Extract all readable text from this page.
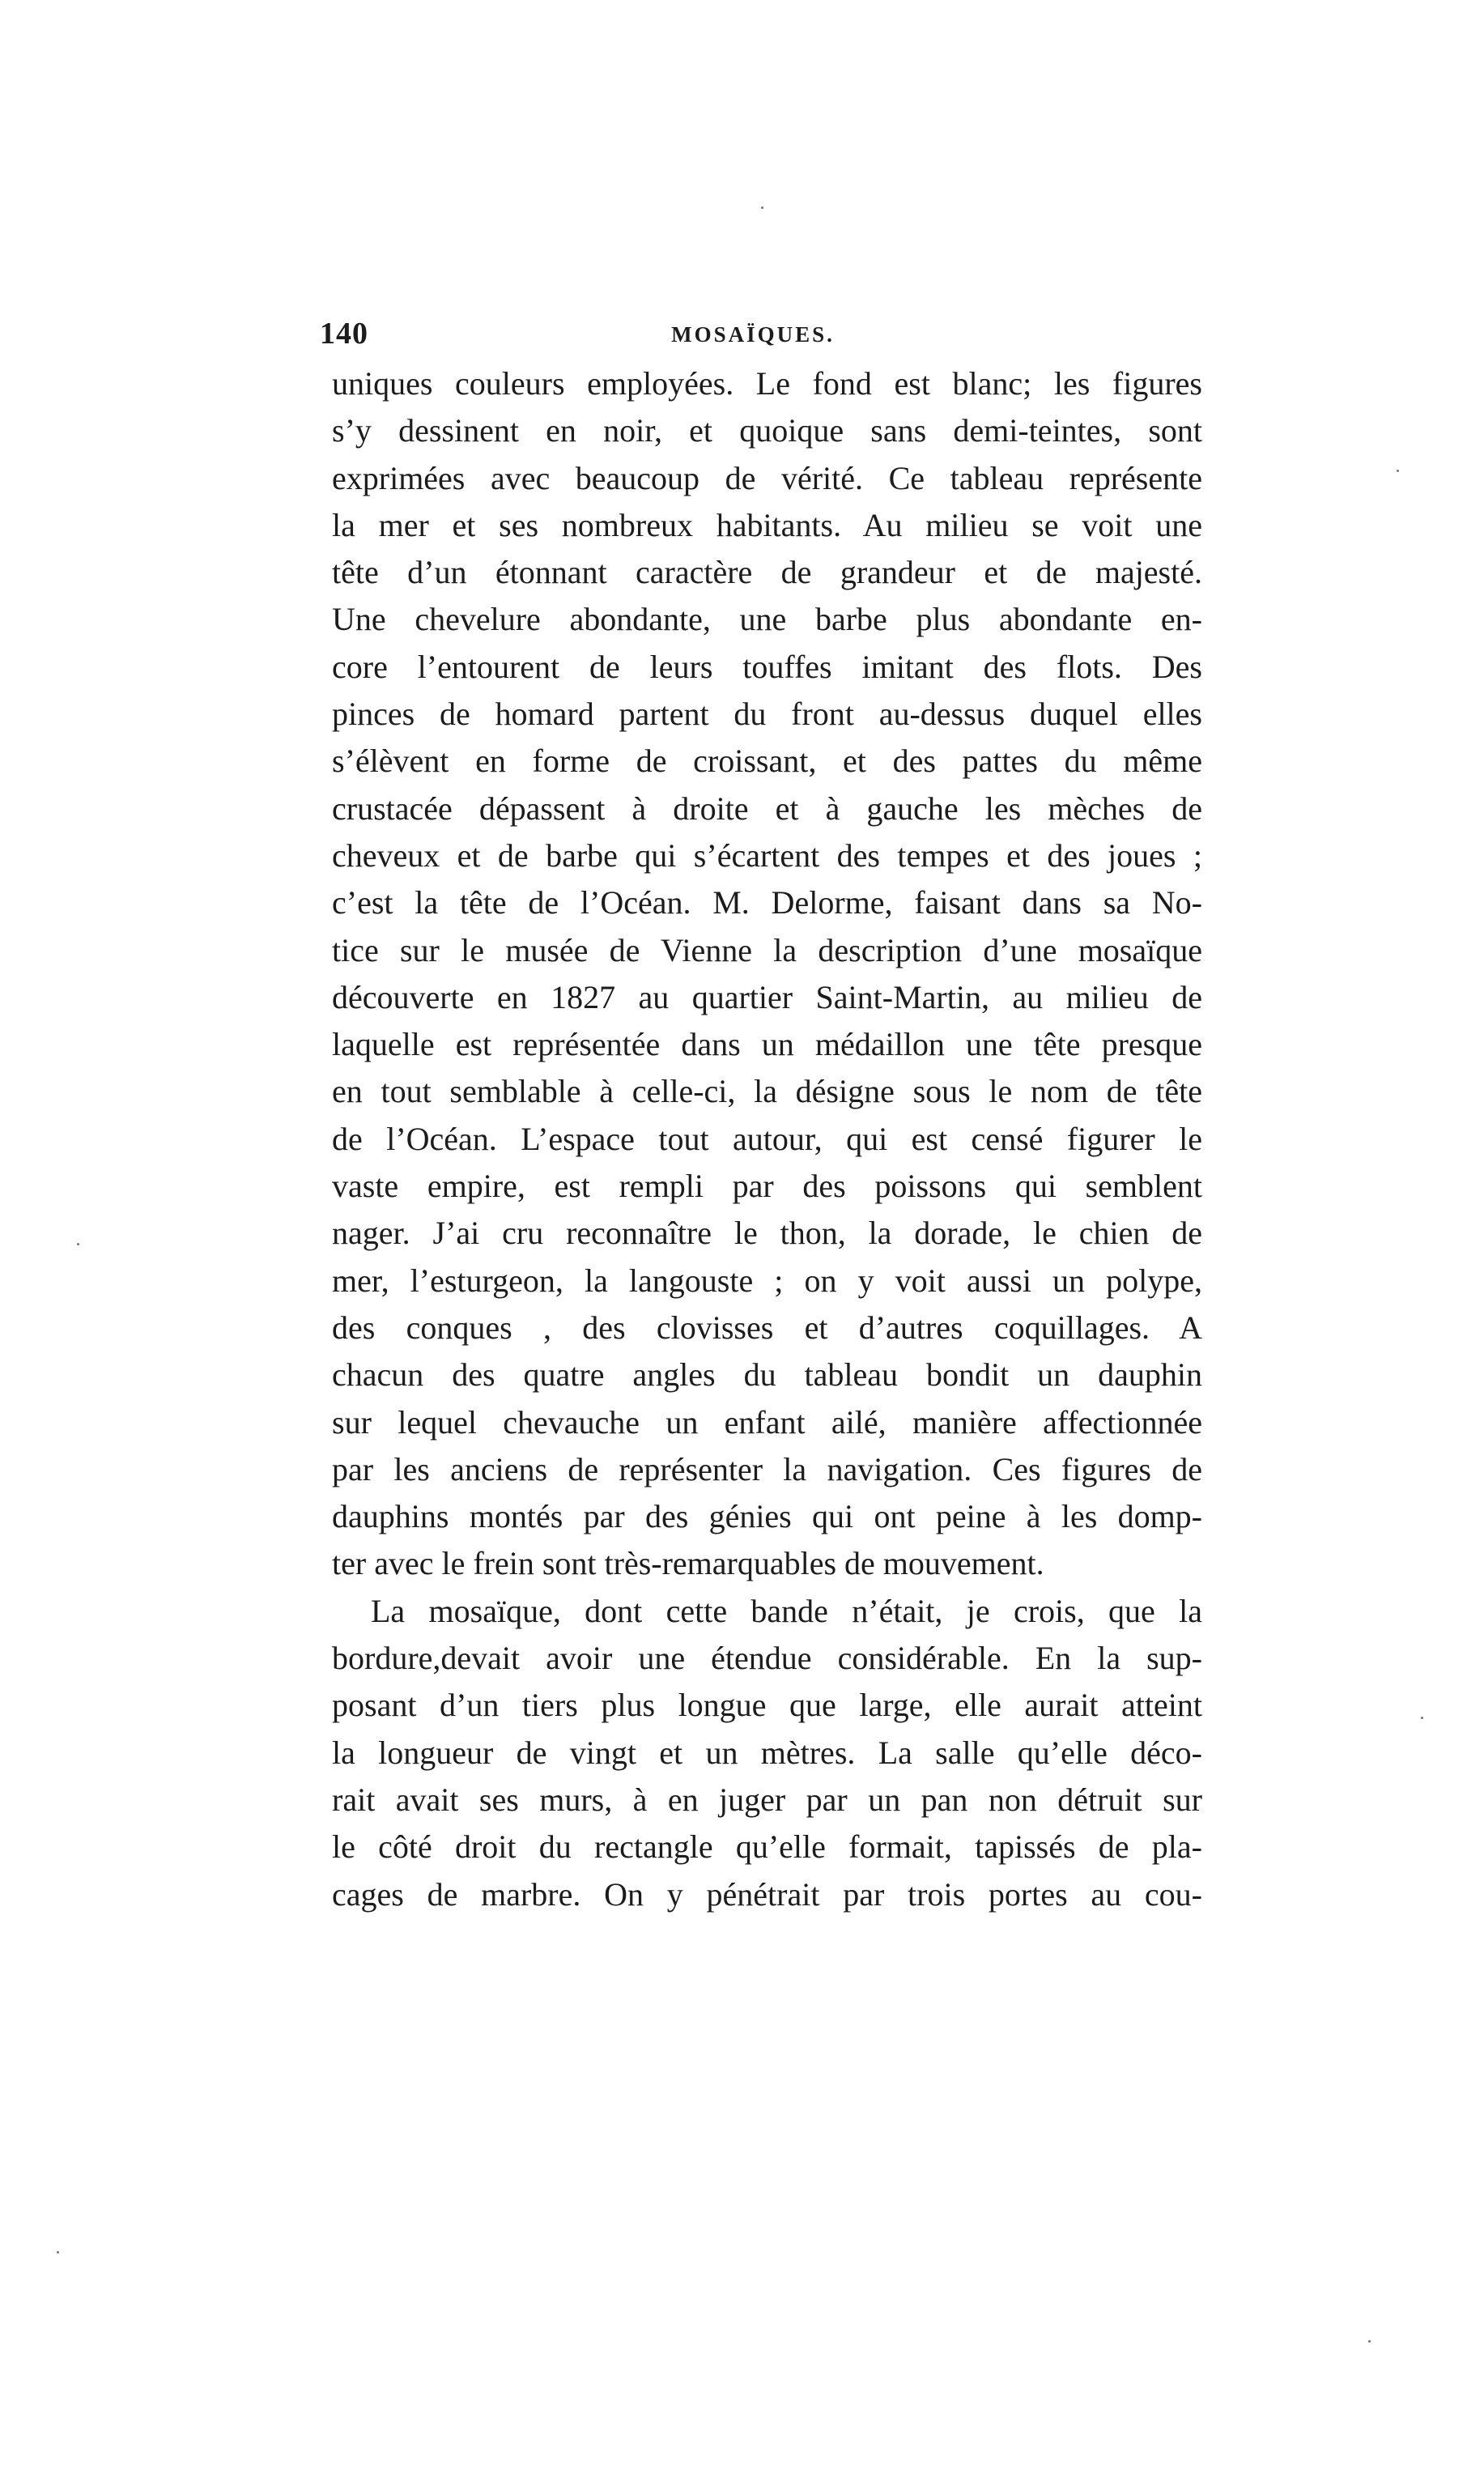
140	MOSAÏQUES.
uniques couleurs employées. Le fond est blanc; les figures
s’y dessinent en noir, et quoique sans demi-teintes, sont
exprimées avec beaucoup de vérité. Ce tableau représente
la mer et ses nombreux habitants. Au milieu se voit une
tête d’un étonnant caractère de grandeur et de majesté.
Une chevelure abondante, une barbe plus abondante en-
core l’entourent de leurs touffes imitant des flots. Des
pinces de homard partent du front au-dessus duquel elles
s’élèvent en forme de croissant, et des pattes du même
crustacée dépassent à droite et à gauche les mèches de
cheveux et de barbe qui s’écartent des tempes et des joues ;
c’est la tête de l’Océan. M. Delorme, faisant dans sa No-
tice sur le musée de Vienne la description d’une mosaïque
découverte en 1827 au quartier Saint-Martin, au milieu de
laquelle est représentée dans un médaillon une tête presque
en tout semblable à celle-ci, la désigne sous le nom de tête
de l’Océan. L’espace tout autour, qui est censé figurer le
vaste empire, est rempli par des poissons qui semblent
nager. J’ai cru reconnaître le thon, la dorade, le chien de
mer, l’esturgeon, la langouste ; on y voit aussi un polype,
des conques , des clovisses et d’autres coquillages. A
chacun des quatre angles du tableau bondit un dauphin
sur lequel chevauche un enfant ailé, manière affectionnée
par les anciens de représenter la navigation. Ces figures de
dauphins montés par des génies qui ont peine à les domp-
ter avec le frein sont très-remarquables de mouvement.
La mosaïque, dont cette bande n’était, je crois, que la
bordure,devait avoir une étendue considérable. En la sup-
posant d’un tiers plus longue que large, elle aurait atteint
la longueur de vingt et un mètres. La salle qu’elle déco-
rait avait ses murs, à en juger par un pan non détruit sur
le côté droit du rectangle qu’elle formait, tapissés de pla-
cages de marbre. On y pénétrait par trois portes au cou-
